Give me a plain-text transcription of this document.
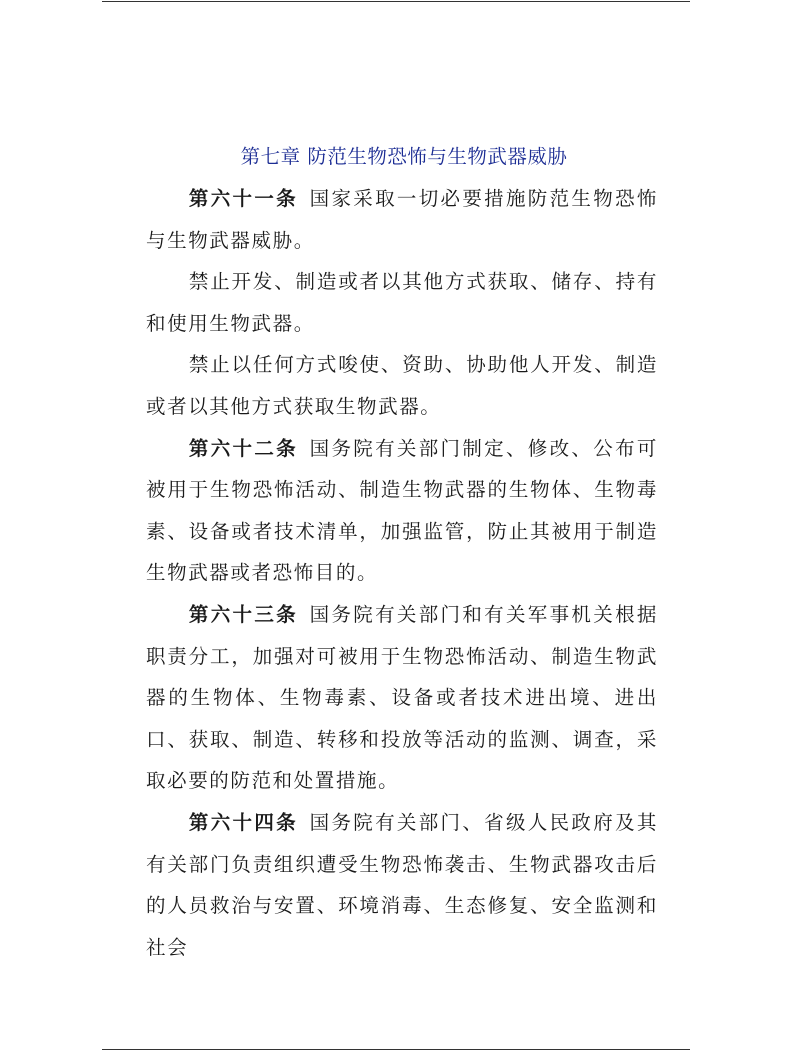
第七章 防范生物恐怖与生物武器威胁

第六十一条 国家采取一切必要措施防范生物恐怖与生物武器威胁。

禁止开发、制造或者以其他方式获取、储存、持有和使用生物武器。

禁止以任何方式唆使、资助、协助他人开发、制造或者以其他方式获取生物武器。

第六十二条 国务院有关部门制定、修改、公布可被用于生物恐怖活动、制造生物武器的生物体、生物毒素、设备或者技术清单，加强监管，防止其被用于制造生物武器或者恐怖目的。

第六十三条 国务院有关部门和有关军事机关根据职责分工，加强对可被用于生物恐怖活动、制造生物武器的生物体、生物毒素、设备或者技术进出境、进出口、获取、制造、转移和投放等活动的监测、调查，采取必要的防范和处置措施。

第六十四条 国务院有关部门、省级人民政府及其有关部门负责组织遭受生物恐怖袭击、生物武器攻击后的人员救治与安置、环境消毒、生态修复、安全监测和社会
